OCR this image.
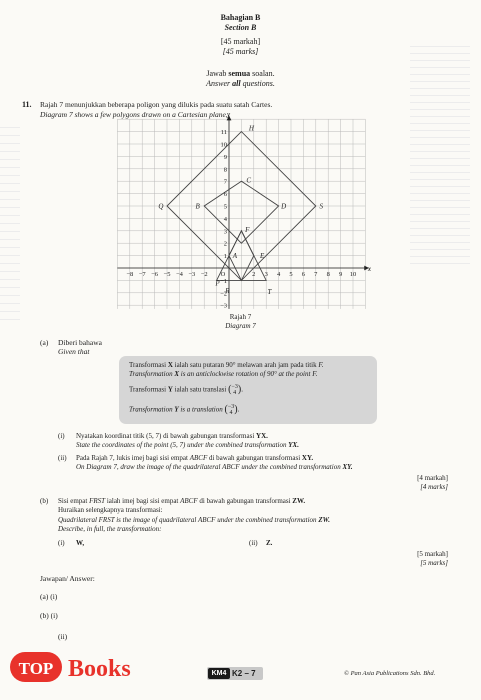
Bahagian B
Section B
[45 markah]
[45 marks]
Jawab semua soalan.
Answer all questions.
11. Rajah 7 menunjukkan beberapa poligon yang dilukis pada suatu satah Cartes.
Diagram 7 shows a few polygons drawn on a Cartesian plane.
−8 −7 −6 −5 −4 −3 −2 O	2 3 4 5 6 7 8 9 10
11
10
9
8
7
6
5
4
3
2
1
−1
−2
−3
H
C
Q	S
B	D
F
A	E
P
R	T
x
y
Rajah 7
Diagram 7
(a) Diberi bahawa
Given that
Transformasi X ialah satu putaran 90° melawan arah jam pada titik F.
Transformation X is an anticlockwise rotation of 90° at the point F.
Transformasi Y ialah satu translasi (−3
4 ).
Transformation Y is a translation (−3
4 ).
(i) Nyatakan koordinat titik (5, 7) di bawah gabungan transformasi YX.
State the coordinates of the point (5, 7) under the combined transformation YX.
(ii) Pada Rajah 7, lukis imej bagi sisi empat ABCF di bawah gabungan transformasi XY.
On Diagram 7, draw the image of the quadrilateral ABCF under the combined transformation XY.
[4 markah]
[4 marks]
(b) Sisi empat FRST ialah imej bagi sisi empat ABCF di bawah gabungan transformasi ZW.
Huraikan selengkapnya transformasi:
Quadrilateral FRST is the image of quadrilateral ABCF under the combined transformation ZW.
Describe, in full, the transformation:
(i) W,	(ii) Z.
[5 markah]
[5 marks]
Jawapan/ Answer:
(a) (i)
(b) (i)
(ii)
TOP Books	KM4 K2 – 7	© Pan Asia Publications Sdn. Bhd.
